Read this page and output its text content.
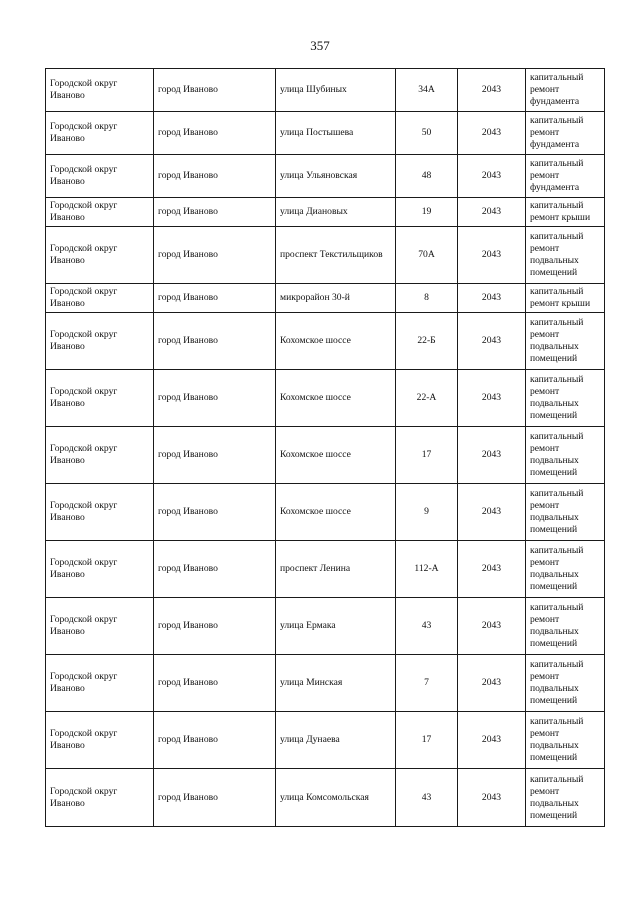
357
Городской округ Иваново	город Иваново	улица Шубиных	34А	2043	капитальный ремонт фундамента
Городской округ Иваново	город Иваново	улица Постышева	50	2043	капитальный ремонт фундамента
Городской округ Иваново	город Иваново	улица Ульяновская	48	2043	капитальный ремонт фундамента
Городской округ Иваново	город Иваново	улица Диановых	19	2043	капитальный ремонт крыши
Городской округ Иваново	город Иваново	проспект Текстильщиков	70А	2043	капитальный ремонт подвальных помещений
Городской округ Иваново	город Иваново	микрорайон 30-й	8	2043	капитальный ремонт крыши
Городской округ Иваново	город Иваново	Кохомское шоссе	22-Б	2043	капитальный ремонт подвальных помещений
Городской округ Иваново	город Иваново	Кохомское шоссе	22-А	2043	капитальный ремонт подвальных помещений
Городской округ Иваново	город Иваново	Кохомское шоссе	17	2043	капитальный ремонт подвальных помещений
Городской округ Иваново	город Иваново	Кохомское шоссе	9	2043	капитальный ремонт подвальных помещений
Городской округ Иваново	город Иваново	проспект Ленина	112-А	2043	капитальный ремонт подвальных помещений
Городской округ Иваново	город Иваново	улица Ермака	43	2043	капитальный ремонт подвальных помещений
Городской округ Иваново	город Иваново	улица Минская	7	2043	капитальный ремонт подвальных помещений
Городской округ Иваново	город Иваново	улица Дунаева	17	2043	капитальный ремонт подвальных помещений
Городской округ Иваново	город Иваново	улица Комсомольская	43	2043	капитальный ремонт подвальных помещений
